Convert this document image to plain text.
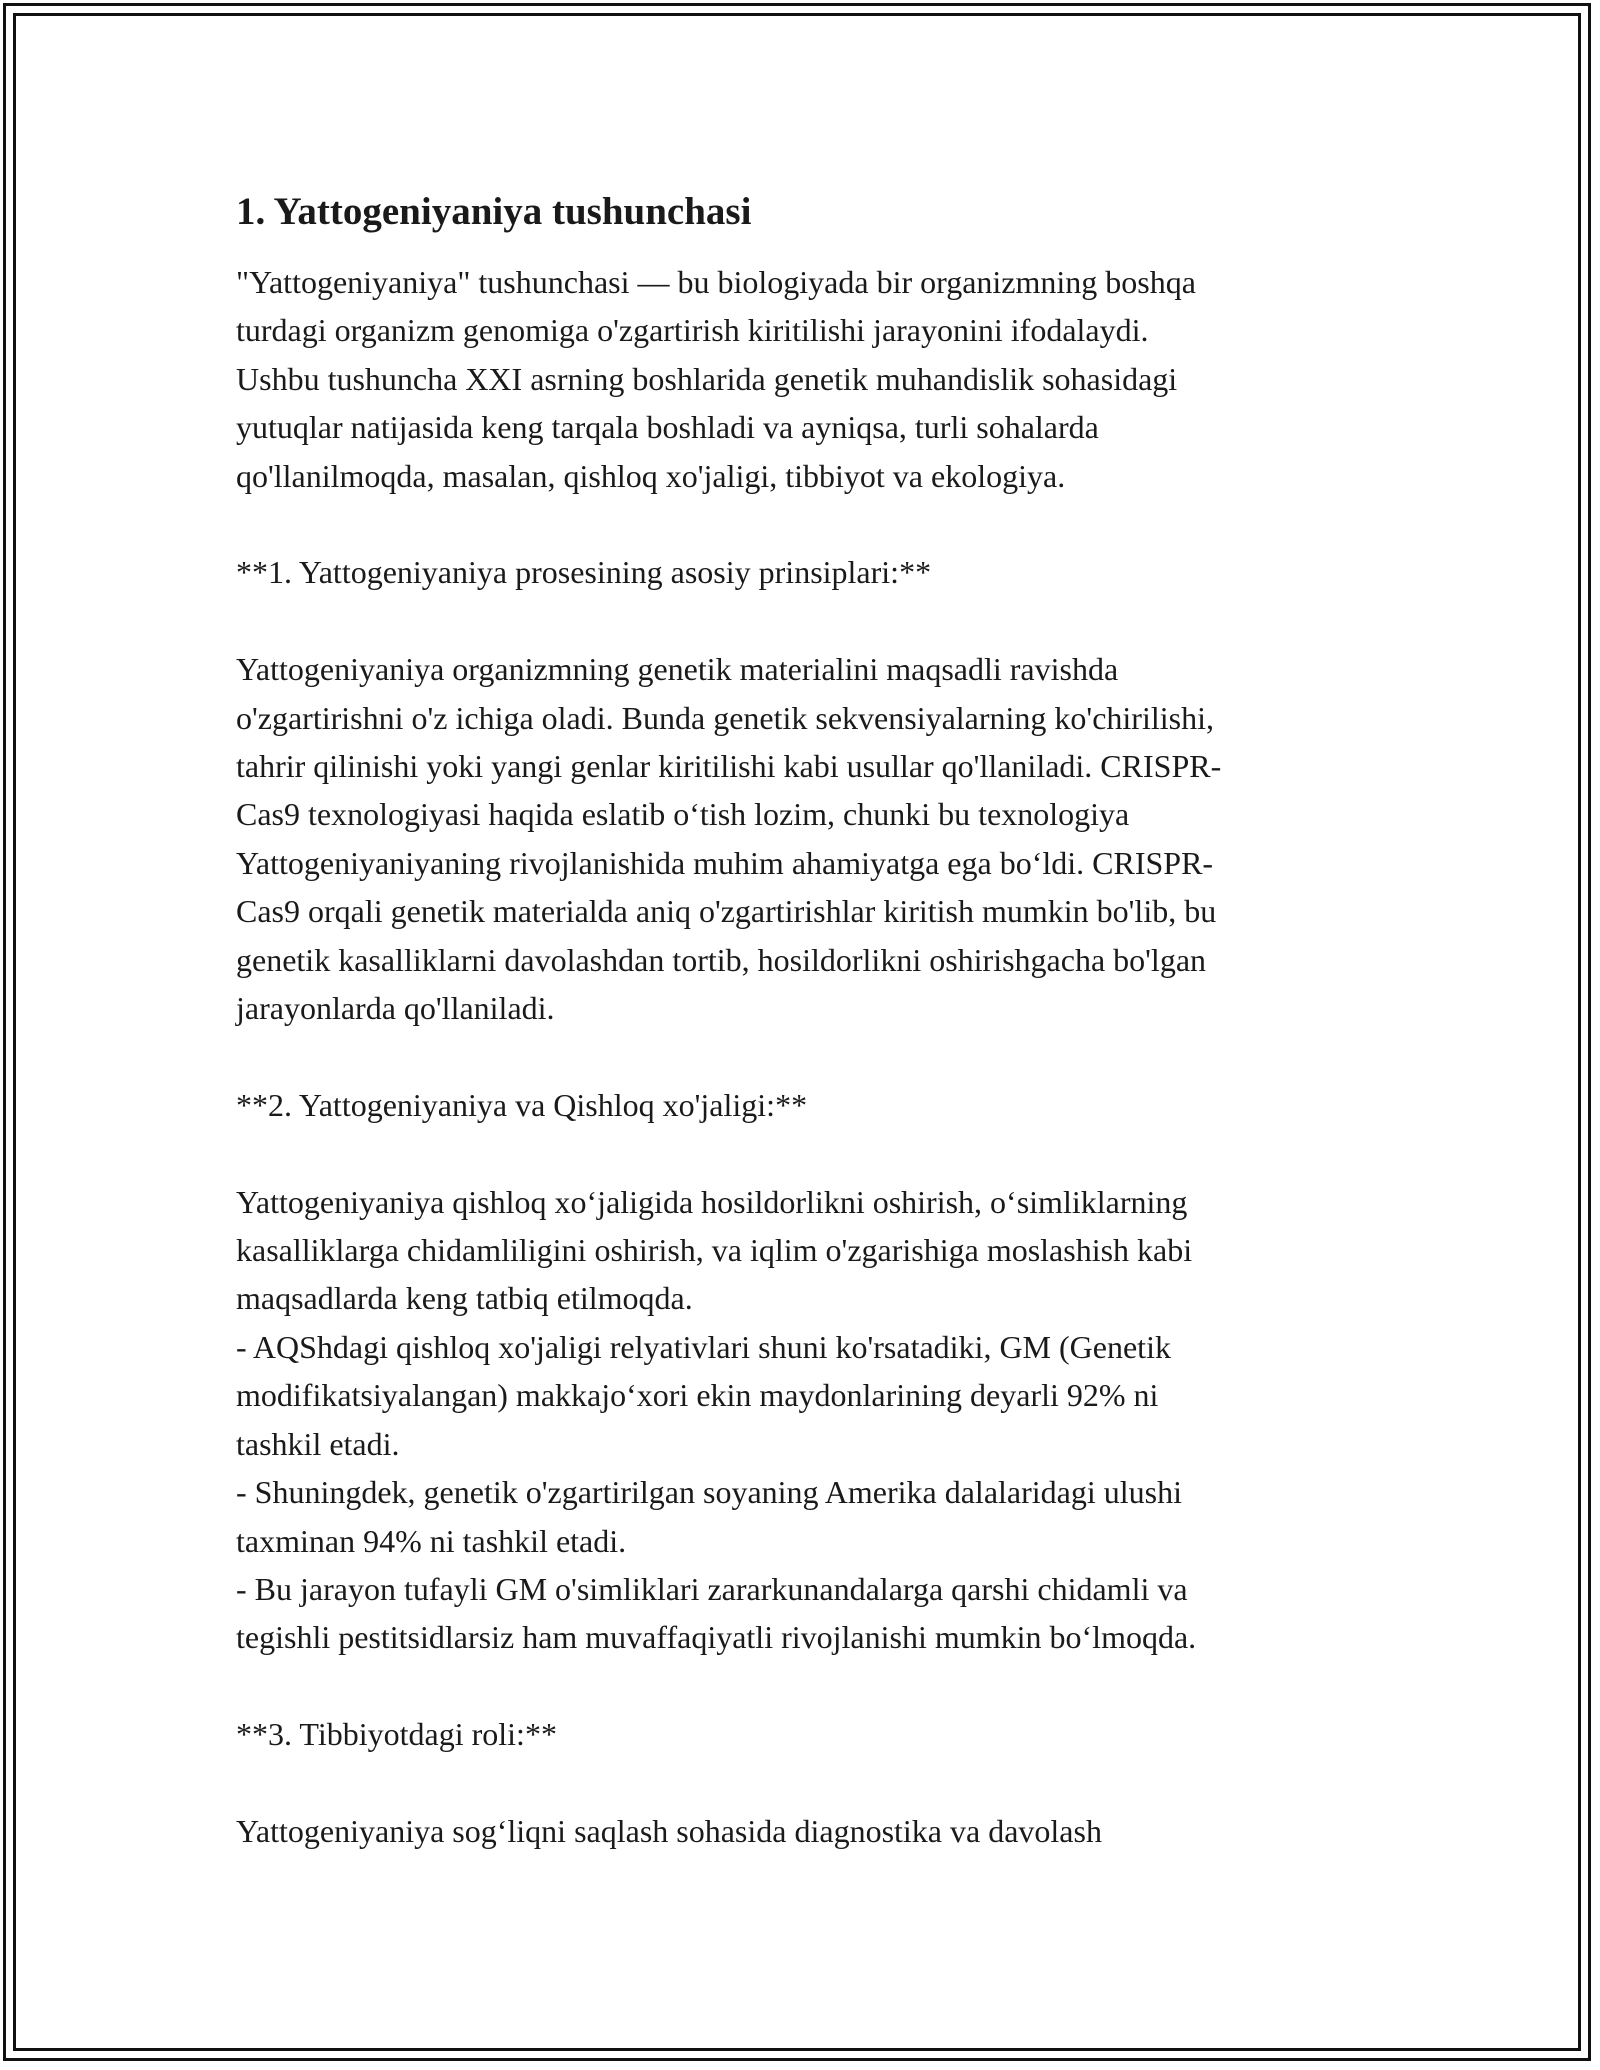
1. Yattogeniyaniya tushunchasi

"Yattogeniyaniya" tushunchasi — bu biologiyada bir organizmning boshqa
turdagi organizm genomiga o'zgartirish kiritilishi jarayonini ifodalaydi.
Ushbu tushuncha XXI asrning boshlarida genetik muhandislik sohasidagi
yutuqlar natijasida keng tarqala boshladi va ayniqsa, turli sohalarda
qo'llanilmoqda, masalan, qishloq xo'jaligi, tibbiyot va ekologiya.

**1. Yattogeniyaniya prosesining asosiy prinsiplari:**

Yattogeniyaniya organizmning genetik materialini maqsadli ravishda
o'zgartirishni o'z ichiga oladi. Bunda genetik sekvensiyalarning ko'chirilishi,
tahrir qilinishi yoki yangi genlar kiritilishi kabi usullar qo'llaniladi. CRISPR-
Cas9 texnologiyasi haqida eslatib o‘tish lozim, chunki bu texnologiya
Yattogeniyaniyaning rivojlanishida muhim ahamiyatga ega bo‘ldi. CRISPR-
Cas9 orqali genetik materialda aniq o'zgartirishlar kiritish mumkin bo'lib, bu
genetik kasalliklarni davolashdan tortib, hosildorlikni oshirishgacha bo'lgan
jarayonlarda qo'llaniladi.

**2. Yattogeniyaniya va Qishloq xo'jaligi:**

Yattogeniyaniya qishloq xo‘jaligida hosildorlikni oshirish, o‘simliklarning
kasalliklarga chidamliligini oshirish, va iqlim o'zgarishiga moslashish kabi
maqsadlarda keng tatbiq etilmoqda.
- AQShdagi qishloq xo'jaligi relyativlari shuni ko'rsatadiki, GM (Genetik
modifikatsiyalangan) makkajo‘xori ekin maydonlarining deyarli 92% ni
tashkil etadi.
- Shuningdek, genetik o'zgartirilgan soyaning Amerika dalalaridagi ulushi
taxminan 94% ni tashkil etadi.
- Bu jarayon tufayli GM o'simliklari zararkunandalarga qarshi chidamli va
tegishli pestitsidlarsiz ham muvaffaqiyatli rivojlanishi mumkin bo‘lmoqda.

**3. Tibbiyotdagi roli:**

Yattogeniyaniya sog‘liqni saqlash sohasida diagnostika va davolash
